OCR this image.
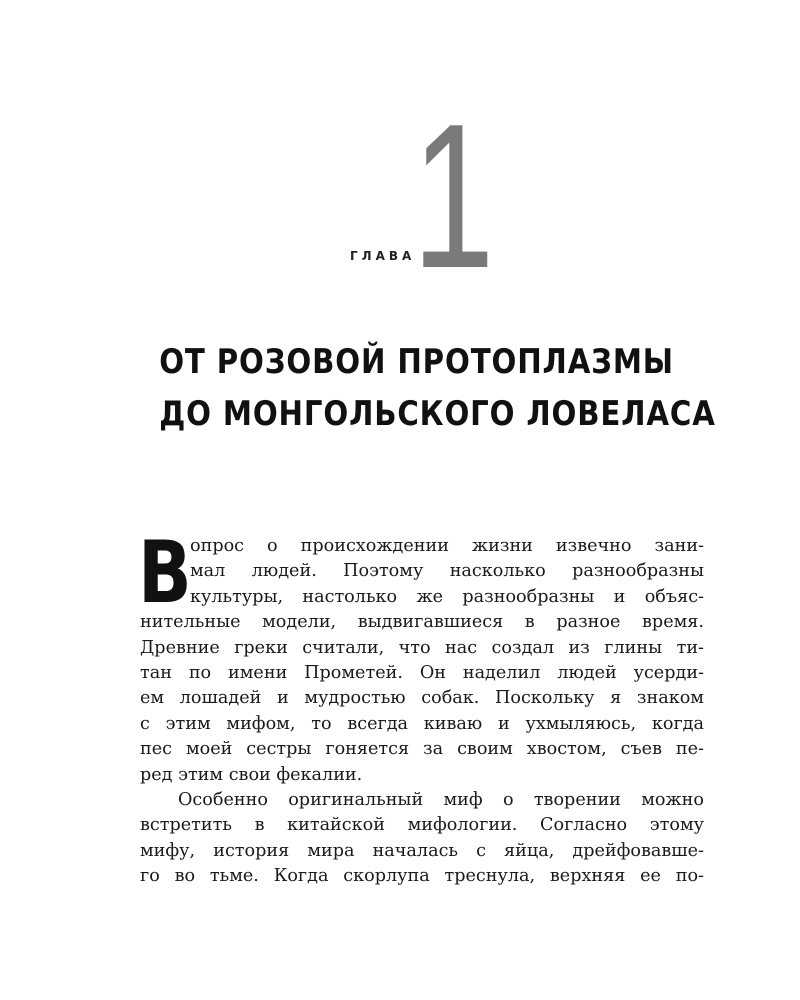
ГЛАВА
1
ОТ РОЗОВОЙ ПРОТОПЛАЗМЫ
ДО МОНГОЛЬСКОГО ЛОВЕЛАСА

В
опрос о происхождении жизни извечно зани-
мал людей. Поэтому насколько разнообразны
культуры, настолько же разнообразны и объяс-
нительные модели, выдвигавшиеся в разное время.
Древние греки считали, что нас создал из глины ти-
тан по имени Прометей. Он наделил людей усерди-
ем лошадей и мудростью собак. Поскольку я знаком
с этим мифом, то всегда киваю и ухмыляюсь, когда
пес моей сестры гоняется за своим хвостом, съев пе-
ред этим свои фекалии.

Особенно оригинальный миф о творении можно
встретить в китайской мифологии. Согласно этому
мифу, история мира началась с яйца, дрейфовавше-
го во тьме. Когда скорлупа треснула, верхняя ее по-
